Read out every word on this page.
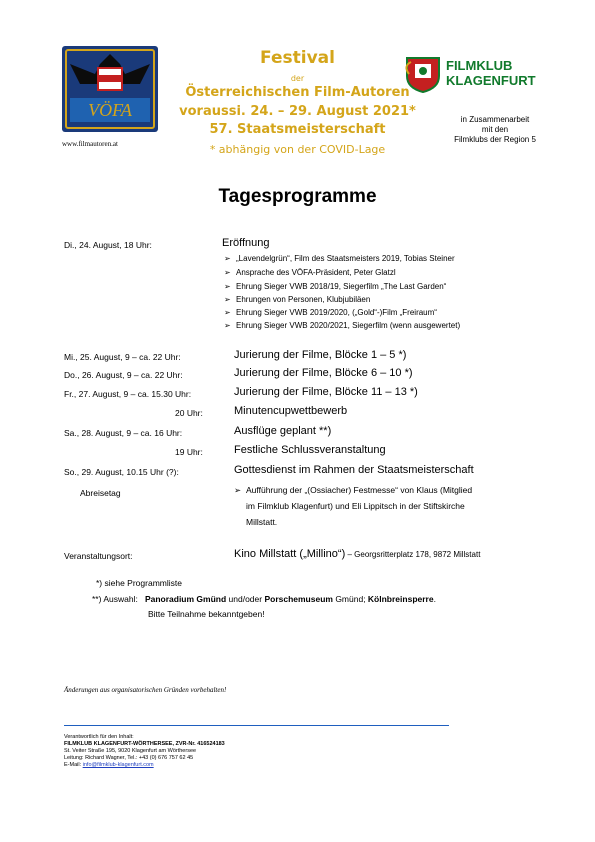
VÖFA
www.filmautoren.at
Festival
der
Österreichischen Film-Autoren
voraussi. 24. – 29. August 2021*
57. Staatsmeisterschaft
* abhängig von der COVID-Lage
FILMKLUB
KLAGENFURT
in Zusammenarbeit
mit den
Filmklubs der Region 5
Tagesprogramme
Di., 24. August, 18 Uhr:	Eröffnung
➢ „Lavendelgrün“, Film des Staatsmeisters 2019, Tobias Steiner
➢ Ansprache des VÖFA-Präsident, Peter Glatzl
➢ Ehrung Sieger VWB 2018/19, Siegerfilm „The Last Garden“
➢ Ehrungen von Personen, Klubjubiläen
➢ Ehrung Sieger VWB 2019/2020, („Gold“-)Film „Freiraum“
➢ Ehrung Sieger VWB 2020/2021, Siegerfilm (wenn ausgewertet)
Mi., 25. August, 9 – ca. 22 Uhr:	Jurierung der Filme, Blöcke 1 – 5 *)
Do., 26. August, 9 – ca. 22 Uhr:	Jurierung der Filme, Blöcke 6 – 10 *)
Fr., 27. August, 9 – ca. 15.30 Uhr:	Jurierung der Filme, Blöcke 11 – 13 *)
20 Uhr:	Minutencupwettbewerb
Sa., 28. August, 9 – ca. 16 Uhr:	Ausflüge geplant **)
19 Uhr:	Festliche Schlussveranstaltung
So., 29. August, 10.15 Uhr (?):	Gottesdienst im Rahmen der Staatsmeisterschaft
Abreisetag	➢ Aufführung der „(Ossiacher) Festmesse“ von Klaus (Mitglied
im Filmklub Klagenfurt) und Eli Lippitsch in der Stiftskirche
Millstatt.
Veranstaltungsort:	Kino Millstatt („Millino“) – Georgsritterplatz 178, 9872 Millstatt
*) siehe Programmliste
**) Auswahl: Panoradium Gmünd und/oder Porschemuseum Gmünd; Kölnbreinsperre.
Bitte Teilnahme bekanntgeben!
Änderungen aus organisatorischen Gründen vorbehalten!
Verantwortlich für den Inhalt:
FILMKLUB KLAGENFURT-WÖRTHERSEE, ZVR-Nr. 416524183
St. Veiter Straße 195, 9020 Klagenfurt am Wörthersee
Leitung: Richard Wagner, Tel.: +43 (0) 676 757 62 45
E-Mail: info@filmklub-klagenfurt.com
